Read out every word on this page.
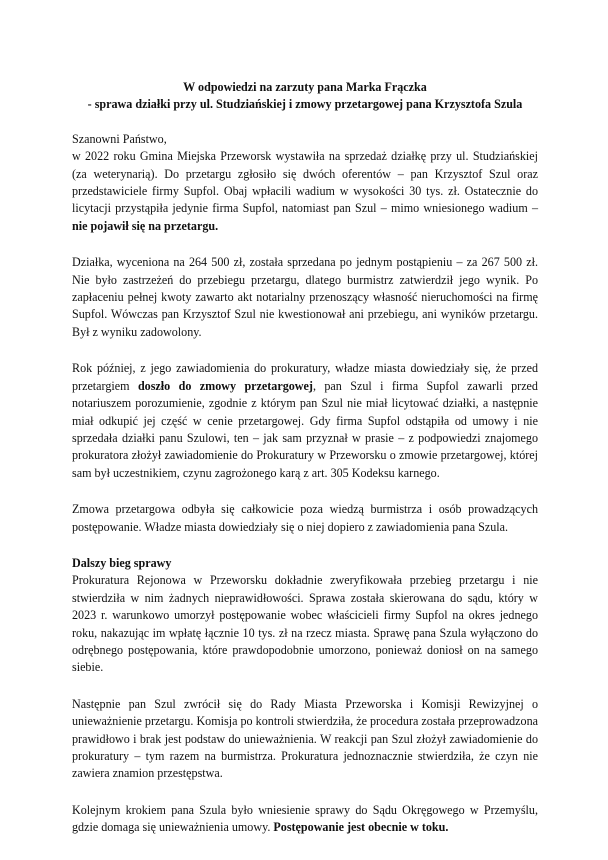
W odpowiedzi na zarzuty pana Marka Frączka
- sprawa działki przy ul. Studziańskiej i zmowy przetargowej pana Krzysztofa Szula

Szanowni Państwo,

w 2022 roku Gmina Miejska Przeworsk wystawiła na sprzedaż działkę przy ul. Studziańskiej (za weterynarią). Do przetargu zgłosiło się dwóch oferentów – pan Krzysztof Szul oraz przedstawiciele firmy Supfol. Obaj wpłacili wadium w wysokości 30 tys. zł. Ostatecznie do licytacji przystąpiła jedynie firma Supfol, natomiast pan Szul – mimo wniesionego wadium – nie pojawił się na przetargu.

Działka, wyceniona na 264 500 zł, została sprzedana po jednym postąpieniu – za 267 500 zł. Nie było zastrzeżeń do przebiegu przetargu, dlatego burmistrz zatwierdził jego wynik. Po zapłaceniu pełnej kwoty zawarto akt notarialny przenoszący własność nieruchomości na firmę Supfol. Wówczas pan Krzysztof Szul nie kwestionował ani przebiegu, ani wyników przetargu. Był z wyniku zadowolony.

Rok później, z jego zawiadomienia do prokuratury, władze miasta dowiedziały się, że przed przetargiem doszło do zmowy przetargowej, pan Szul i firma Supfol zawarli przed notariuszem porozumienie, zgodnie z którym pan Szul nie miał licytować działki, a następnie miał odkupić jej część w cenie przetargowej. Gdy firma Supfol odstąpiła od umowy i nie sprzedała działki panu Szulowi, ten – jak sam przyznał w prasie – z podpowiedzi znajomego prokuratora złożył zawiadomienie do Prokuratury w Przeworsku o zmowie przetargowej, której sam był uczestnikiem, czynu zagrożonego karą z art. 305 Kodeksu karnego.

Zmowa przetargowa odbyła się całkowicie poza wiedzą burmistrza i osób prowadzących postępowanie. Władze miasta dowiedziały się o niej dopiero z zawiadomienia pana Szula.

Dalszy bieg sprawy

Prokuratura Rejonowa w Przeworsku dokładnie zweryfikowała przebieg przetargu i nie stwierdziła w nim żadnych nieprawidłowości. Sprawa została skierowana do sądu, który w 2023 r. warunkowo umorzył postępowanie wobec właścicieli firmy Supfol na okres jednego roku, nakazując im wpłatę łącznie 10 tys. zł na rzecz miasta. Sprawę pana Szula wyłączono do odrębnego postępowania, które prawdopodobnie umorzono, ponieważ doniosł on na samego siebie.

Następnie pan Szul zwrócił się do Rady Miasta Przeworska i Komisji Rewizyjnej o unieważnienie przetargu. Komisja po kontroli stwierdziła, że procedura została przeprowadzona prawidłowo i brak jest podstaw do unieważnienia. W reakcji pan Szul złożył zawiadomienie do prokuratury – tym razem na burmistrza. Prokuratura jednoznacznie stwierdziła, że czyn nie zawiera znamion przestępstwa.

Kolejnym krokiem pana Szula było wniesienie sprawy do Sądu Okręgowego w Przemyślu, gdzie domaga się unieważnienia umowy. Postępowanie jest obecnie w toku.
